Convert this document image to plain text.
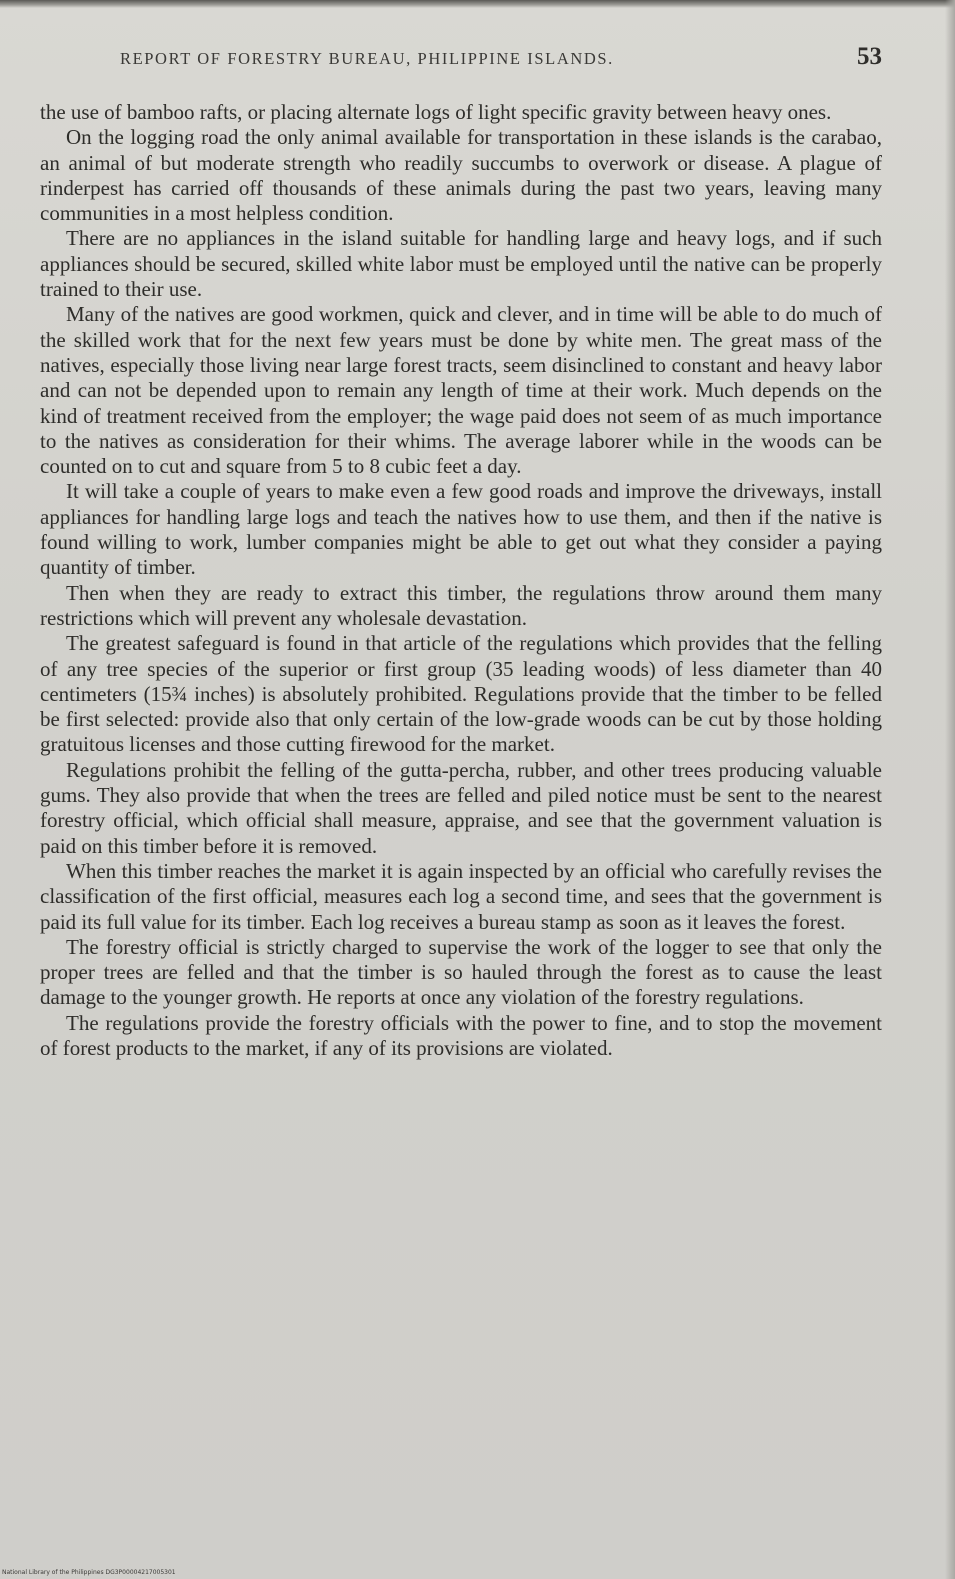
REPORT OF FORESTRY BUREAU, PHILIPPINE ISLANDS.	53

the use of bamboo rafts, or placing alternate logs of light specific gravity between heavy ones.

On the logging road the only animal available for transportation in these islands is the carabao, an animal of but moderate strength who readily succumbs to overwork or disease. A plague of rinderpest has carried off thousands of these animals during the past two years, leaving many communities in a most helpless condition.

There are no appliances in the island suitable for handling large and heavy logs, and if such appliances should be secured, skilled white labor must be employed until the native can be properly trained to their use.

Many of the natives are good workmen, quick and clever, and in time will be able to do much of the skilled work that for the next few years must be done by white men. The great mass of the natives, especially those living near large forest tracts, seem disinclined to constant and heavy labor and can not be depended upon to remain any length of time at their work. Much depends on the kind of treatment received from the employer; the wage paid does not seem of as much importance to the natives as consideration for their whims. The average laborer while in the woods can be counted on to cut and square from 5 to 8 cubic feet a day.

It will take a couple of years to make even a few good roads and improve the driveways, install appliances for handling large logs and teach the natives how to use them, and then if the native is found willing to work, lumber companies might be able to get out what they consider a paying quantity of timber.

Then when they are ready to extract this timber, the regulations throw around them many restrictions which will prevent any wholesale devastation.

The greatest safeguard is found in that article of the regulations which provides that the felling of any tree species of the superior or first group (35 leading woods) of less diameter than 40 centimeters (15¾ inches) is absolutely prohibited. Regulations provide that the timber to be felled be first selected: provide also that only certain of the low-grade woods can be cut by those holding gratuitous licenses and those cutting firewood for the market.

Regulations prohibit the felling of the gutta-percha, rubber, and other trees producing valuable gums. They also provide that when the trees are felled and piled notice must be sent to the nearest forestry official, which official shall measure, appraise, and see that the government valuation is paid on this timber before it is removed.

When this timber reaches the market it is again inspected by an official who carefully revises the classification of the first official, measures each log a second time, and sees that the government is paid its full value for its timber. Each log receives a bureau stamp as soon as it leaves the forest.

The forestry official is strictly charged to supervise the work of the logger to see that only the proper trees are felled and that the timber is so hauled through the forest as to cause the least damage to the younger growth. He reports at once any violation of the forestry regulations.

The regulations provide the forestry officials with the power to fine, and to stop the movement of forest products to the market, if any of its provisions are violated.

National Library of the Philippines DG3P00004217005301
